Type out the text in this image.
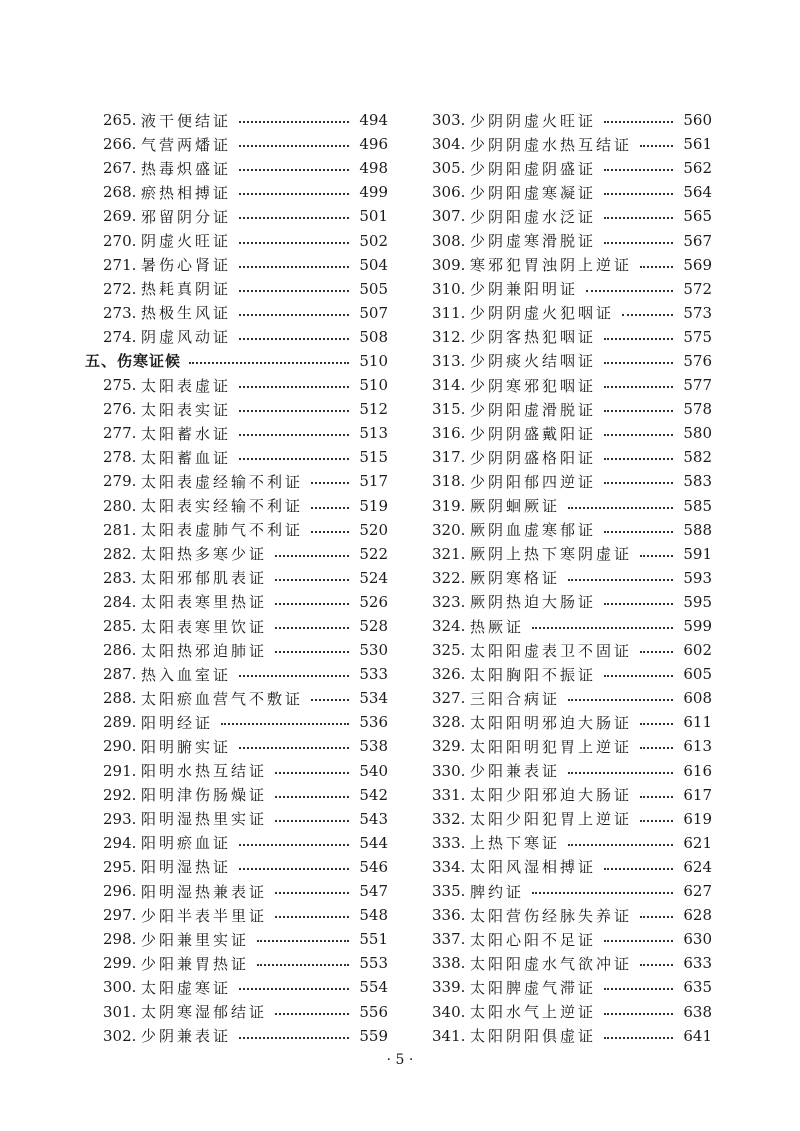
265. 液干便结证	494
266. 气营两燔证	496
267. 热毒炽盛证	498
268. 瘀热相搏证	499
269. 邪留阴分证	501
270. 阴虚火旺证	502
271. 暑伤心肾证	504
272. 热耗真阴证	505
273. 热极生风证	507
274. 阴虚风动证	508
五、伤寒证候	510
275. 太阳表虚证	510
276. 太阳表实证	512
277. 太阳蓄水证	513
278. 太阳蓄血证	515
279. 太阳表虚经输不利证	517
280. 太阳表实经输不利证	519
281. 太阳表虚肺气不利证	520
282. 太阳热多寒少证	522
283. 太阳邪郁肌表证	524
284. 太阳表寒里热证	526
285. 太阳表寒里饮证	528
286. 太阳热邪迫肺证	530
287. 热入血室证	533
288. 太阳瘀血营气不敷证	534
289. 阳明经证	536
290. 阳明腑实证	538
291. 阳明水热互结证	540
292. 阳明津伤肠燥证	542
293. 阳明湿热里实证	543
294. 阳明瘀血证	544
295. 阳明湿热证	546
296. 阳明湿热兼表证	547
297. 少阳半表半里证	548
298. 少阳兼里实证	551
299. 少阳兼胃热证	553
300. 太阳虚寒证	554
301. 太阴寒湿郁结证	556
302. 少阴兼表证	559
303. 少阴阴虚火旺证	560
304. 少阴阴虚水热互结证	561
305. 少阴阳虚阴盛证	562
306. 少阴阳虚寒凝证	564
307. 少阴阳虚水泛证	565
308. 少阴虚寒滑脱证	567
309. 寒邪犯胃浊阴上逆证	569
310. 少阴兼阳明证	572
311. 少阴阴虚火犯咽证	573
312. 少阴客热犯咽证	575
313. 少阴痰火结咽证	576
314. 少阴寒邪犯咽证	577
315. 少阴阳虚滑脱证	578
316. 少阴阴盛戴阳证	580
317. 少阴阴盛格阳证	582
318. 少阴阳郁四逆证	583
319. 厥阴蛔厥证	585
320. 厥阴血虚寒郁证	588
321. 厥阴上热下寒阴虚证	591
322. 厥阴寒格证	593
323. 厥阴热迫大肠证	595
324. 热厥证	599
325. 太阳阳虚表卫不固证	602
326. 太阳胸阳不振证	605
327. 三阳合病证	608
328. 太阳阳明邪迫大肠证	611
329. 太阳阳明犯胃上逆证	613
330. 少阳兼表证	616
331. 太阳少阳邪迫大肠证	617
332. 太阳少阳犯胃上逆证	619
333. 上热下寒证	621
334. 太阳风湿相搏证	624
335. 脾约证	627
336. 太阳营伤经脉失养证	628
337. 太阳心阳不足证	630
338. 太阳阳虚水气欲冲证	633
339. 太阳脾虚气滞证	635
340. 太阳水气上逆证	638
341. 太阳阴阳俱虚证	641
· 5 ·
